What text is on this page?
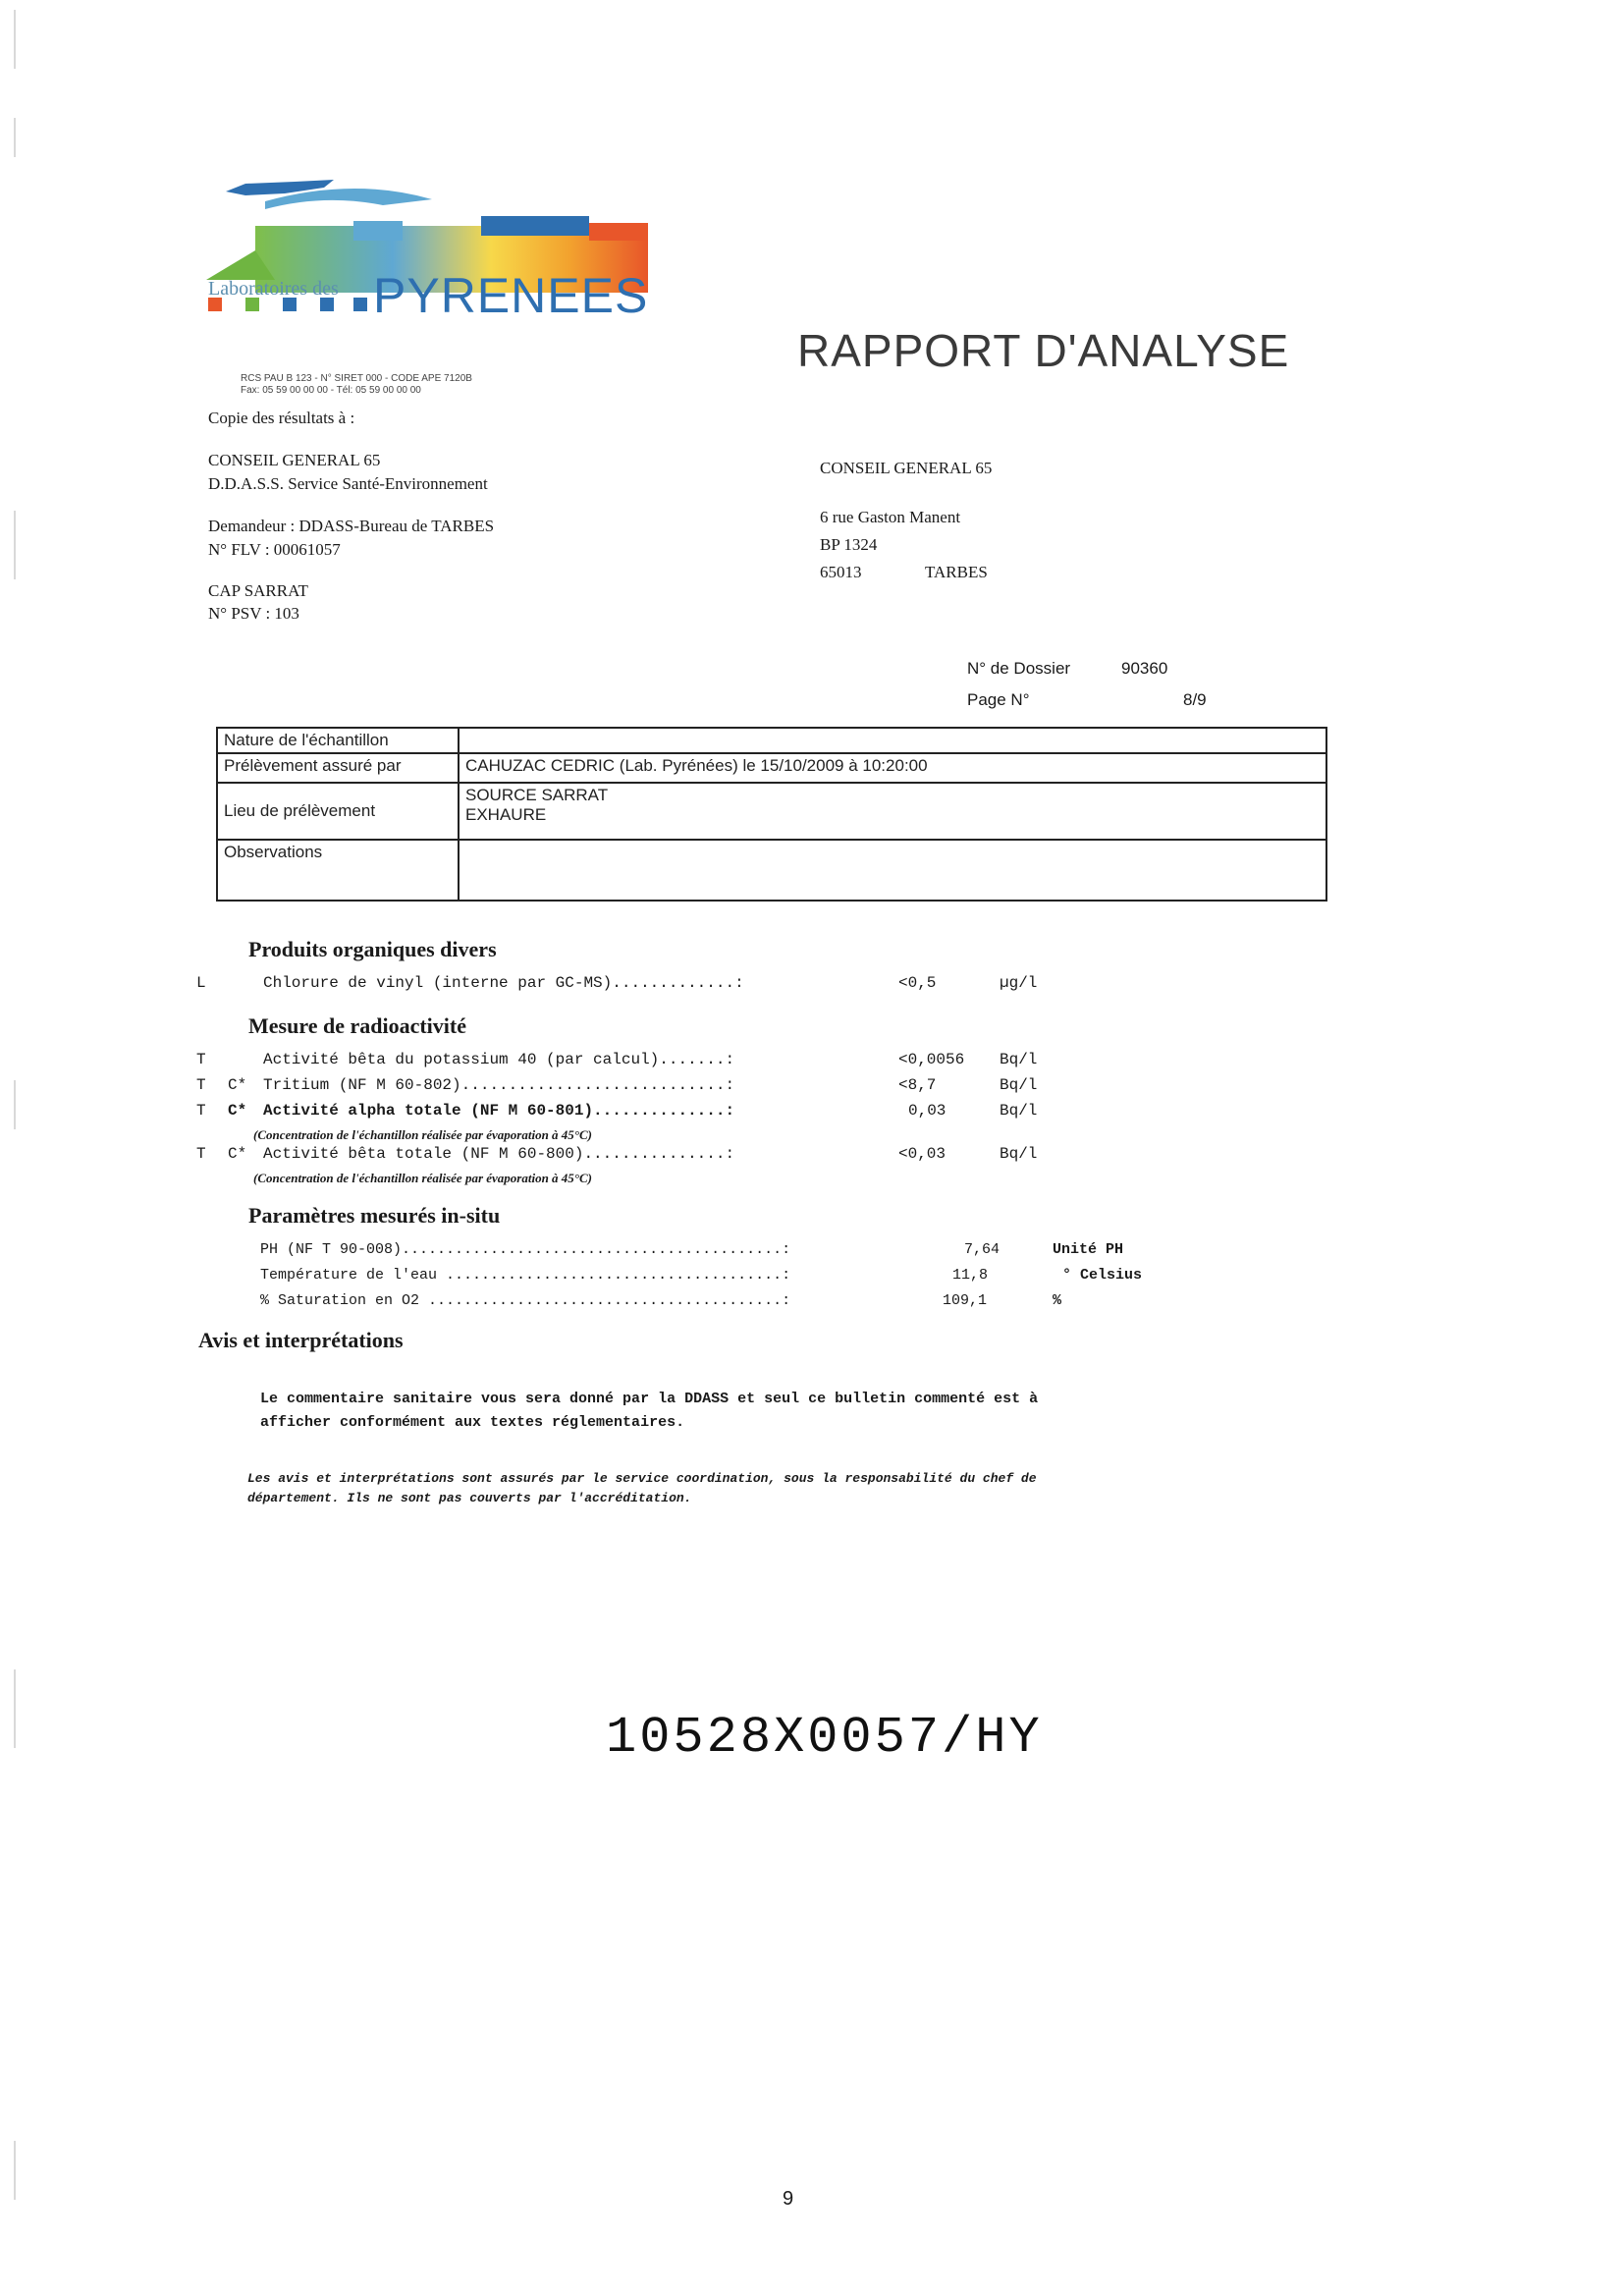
Laboratoires des PYRENEES
RCS PAU B 123 - N° SIRET 000 - CODE APE 7120B
Fax: 05 59 00 00 00 - Tél: 05 59 00 00 00
RAPPORT D'ANALYSE
Copie des résultats à :
CONSEIL GENERAL 65
D.D.A.S.S. Service Santé-Environnement
Demandeur : DDASS-Bureau de TARBES
N° FLV : 00061057
CAP SARRAT
N° PSV : 103
CONSEIL GENERAL 65
6 rue Gaston Manent
BP 1324
65013	TARBES
N° de Dossier	90360
Page N°	8/9
Nature de l'échantillon	
Prélèvement assuré par	CAHUZAC CEDRIC (Lab. Pyrénées) le 15/10/2009 à 10:20:00
Lieu de prélèvement	SOURCE SARRAT
EXHAURE

Observations	
Produits organiques divers
L	Chlorure de vinyl (interne par GC-MS).............:	<0,5	µg/l
Mesure de radioactivité
T	Activité bêta du potassium 40 (par calcul).......:	<0,0056 Bq/l
T C* Tritium (NF M 60-802)............................:	<8,7	Bq/l
T C* Activité alpha totale (NF M 60-801)..............:	0,03	Bq/l
(Concentration de l'échantillon réalisée par évaporation à 45°C)
T C* Activité bêta totale (NF M 60-800)...............:	<0,03	Bq/l
(Concentration de l'échantillon réalisée par évaporation à 45°C)
Paramètres mesurés in-situ
PH (NF T 90-008)...........................................:	7,64	Unité PH
Température de l'eau ......................................:	11,8	° Celsius
% Saturation en O2 ........................................:	109,1	%
Avis et interprétations
Le commentaire sanitaire vous sera donné par la DDASS et seul ce bulletin commenté est à
afficher conformément aux textes réglementaires.
Les avis et interprétations sont assurés par le service coordination, sous la responsabilité du chef de
département. Ils ne sont pas couverts par l'accréditation.
10528X0057/HY
9
